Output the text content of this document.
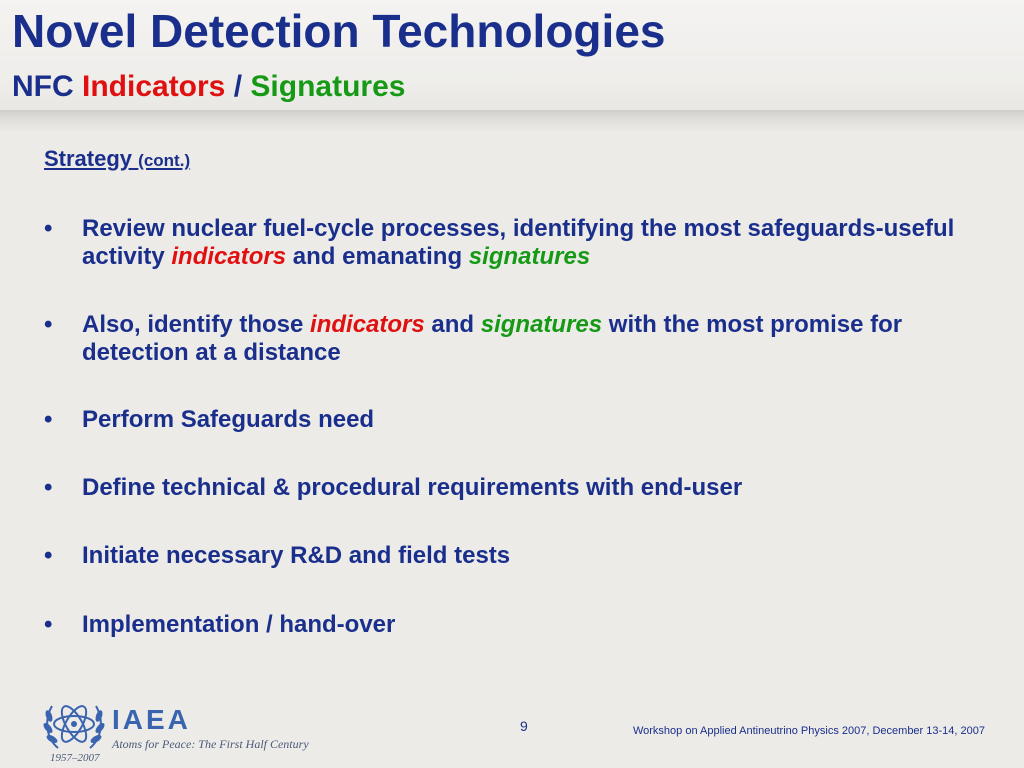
Novel Detection Technologies
NFC Indicators / Signatures
Strategy (cont.)
•	Review nuclear fuel-cycle processes, identifying the most safeguards-useful activity indicators and emanating signatures
•	Also, identify those indicators and signatures with the most promise for detection at a distance
•	Perform Safeguards need
•	Define technical & procedural requirements with end-user
•	Initiate necessary R&D and field tests
•	Implementation / hand-over
IAEA
Atoms for Peace: The First Half Century
1957–2007
9	Workshop on Applied Antineutrino Physics 2007, December 13-14, 2007
